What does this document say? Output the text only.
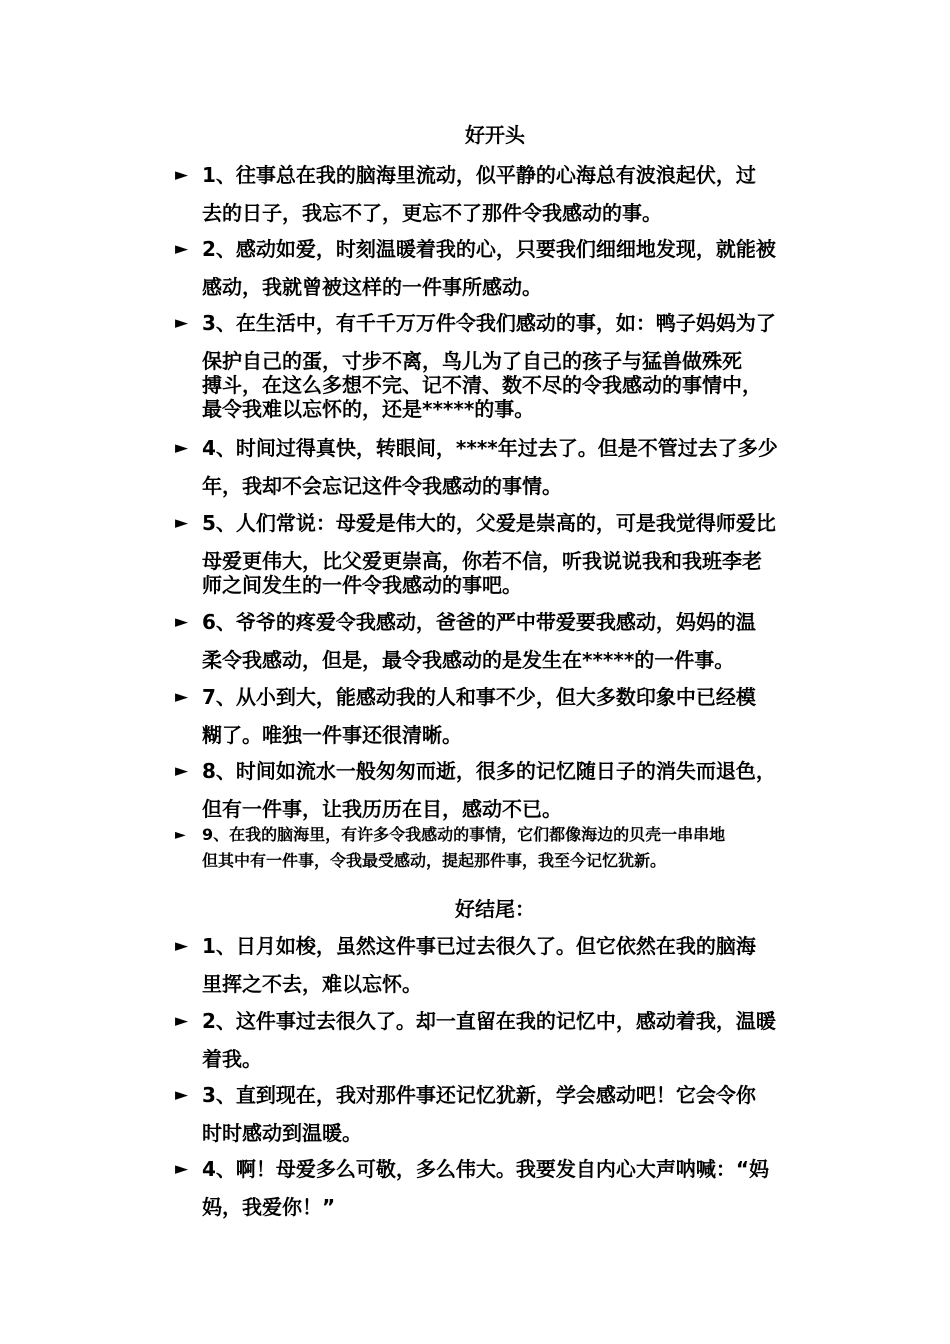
好开头
► 1、往事总在我的脑海里流动，似平静的心海总有波浪起伏，过
去的日子，我忘不了，更忘不了那件令我感动的事。
► 2、感动如爱，时刻温暖着我的心，只要我们细细地发现，就能被
感动，我就曾被这样的一件事所感动。
► 3、在生活中，有千千万万件令我们感动的事，如：鸭子妈妈为了
保护自己的蛋，寸步不离，鸟儿为了自己的孩子与猛兽做殊死
搏斗，在这么多想不完、记不清、数不尽的令我感动的事情中，
最令我难以忘怀的，还是*****的事。
► 4、时间过得真快，转眼间，****年过去了。但是不管过去了多少
年，我却不会忘记这件令我感动的事情。
► 5、人们常说：母爱是伟大的，父爱是崇高的，可是我觉得师爱比
母爱更伟大，比父爱更崇高，你若不信，听我说说我和我班李老
师之间发生的一件令我感动的事吧。
► 6、爷爷的疼爱令我感动，爸爸的严中带爱要我感动，妈妈的温
柔令我感动，但是，最令我感动的是发生在*****的一件事。
► 7、从小到大，能感动我的人和事不少，但大多数印象中已经模
糊了。唯独一件事还很清晰。
► 8、时间如流水一般匆匆而逝，很多的记忆随日子的消失而退色，
但有一件事，让我历历在目，感动不已。
► 9、在我的脑海里，有许多令我感动的事情，它们都像海边的贝壳一串串地
但其中有一件事，令我最受感动，提起那件事，我至今记忆犹新。
好结尾：
► 1、日月如梭，虽然这件事已过去很久了。但它依然在我的脑海
里挥之不去，难以忘怀。
► 2、这件事过去很久了。却一直留在我的记忆中，感动着我，温暖
着我。
► 3、直到现在，我对那件事还记忆犹新，学会感动吧！它会令你
时时感动到温暖。
► 4、啊！母爱多么可敬，多么伟大。我要发自内心大声呐喊：“妈
妈，我爱你！”
